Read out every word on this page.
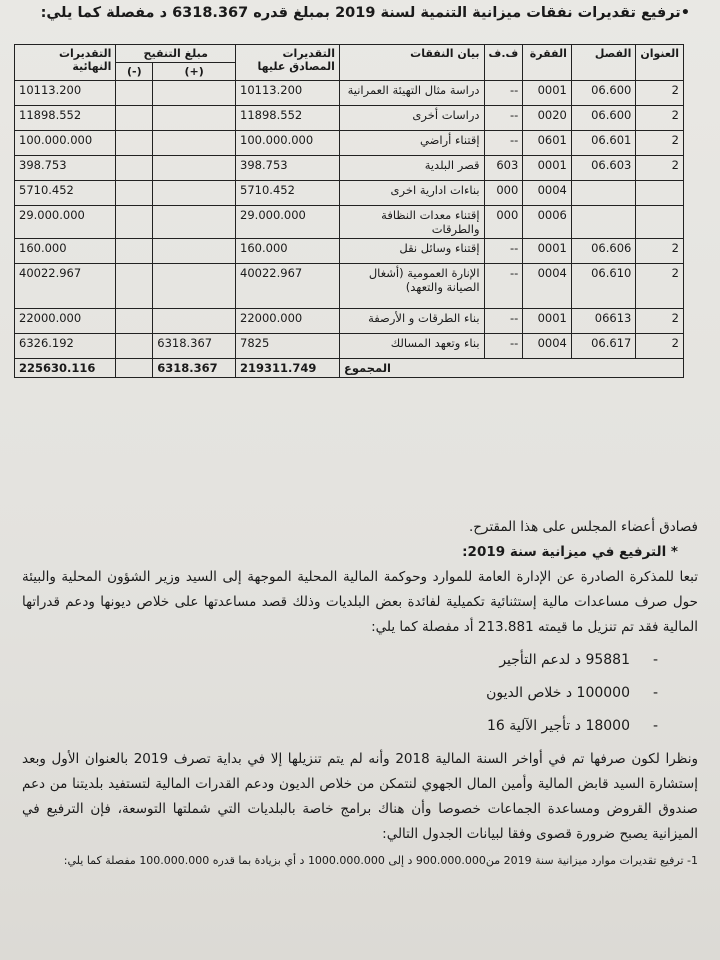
•ترفيع تقديرات نفقات ميزانية التنمية لسنة 2019 بمبلغ قدره 6318.367 د مفصلة كما يلي:
العنوان	الفصل	الفقرة	ف.ف	بيان النفقات	التقديرات المصادق عليها	مبلغ التنقيح		التقديرات النهائية
						(+)	(-)	
2	06.600	0001	--	دراسة مثال التهيئة العمرانية	10113.200			10113.200
2	06.600	0020	--	دراسات أخرى	11898.552			11898.552
2	06.601	0601	--	إقتناء أراضي	100.000.000			100.000.000
2	06.603	0001	603	قصر البلدية	398.753			398.753
		0004	000	بناءات ادارية اخرى	5710.452			5710.452
		0006	000	إقتناء معدات النظافة والطرقات	29.000.000			29.000.000
2	06.606	0001	--	إقتناء وسائل نقل	160.000			160.000
2	06.610	0004	--	الإنارة العمومية (أشغال الصيانة والتعهد)	40022.967			40022.967
2	06613	0001	--	بناء الطرقات و الأرصفة	22000.000			22000.000
2	06.617	0004	--	بناء وتعهد المسالك	7825	6318.367		6326.192
المجموع					219311.749	6318.367		225630.116

فصادق أعضاء المجلس على هذا المقترح.

* الترفيع في ميزانية سنة 2019:

تبعا للمذكرة الصادرة عن الإدارة العامة للموارد وحوكمة المالية المحلية الموجهة إلى السيد وزير الشؤون المحلية والبيئة حول صرف مساعدات مالية إستثنائية تكميلية لفائدة بعض البلديات وذلك قصد مساعدتها على خلاص ديونها ودعم قدراتها المالية فقد تم تنزيل ما قيمته 213.881 أد مفصلة كما يلي:

- 95881 د لدعم التأجير
- 100000 د خلاص الديون
- 18000 د تأجير الآلية 16

ونظرا لكون صرفها تم في أواخر السنة المالية 2018 وأنه لم يتم تنزيلها إلا في بداية تصرف 2019 بالعنوان الأول وبعد إستشارة السيد قابض المالية وأمين المال الجهوي لنتمكن من خلاص الديون ودعم القدرات المالية لتستفيد بلديتنا من دعم صندوق القروض ومساعدة الجماعات خصوصا وأن هناك برامج خاصة بالبلديات التي شملتها التوسعة، فإن الترفيع في الميزانية يصبح ضرورة قصوى وفقا لبيانات الجدول التالي:

1- ترفيع تقديرات موارد ميزانية سنة 2019 من900.000.000 د إلى 1000.000.000 د أي بزيادة بما قدره 100.000.000 مفصلة كما يلي:
